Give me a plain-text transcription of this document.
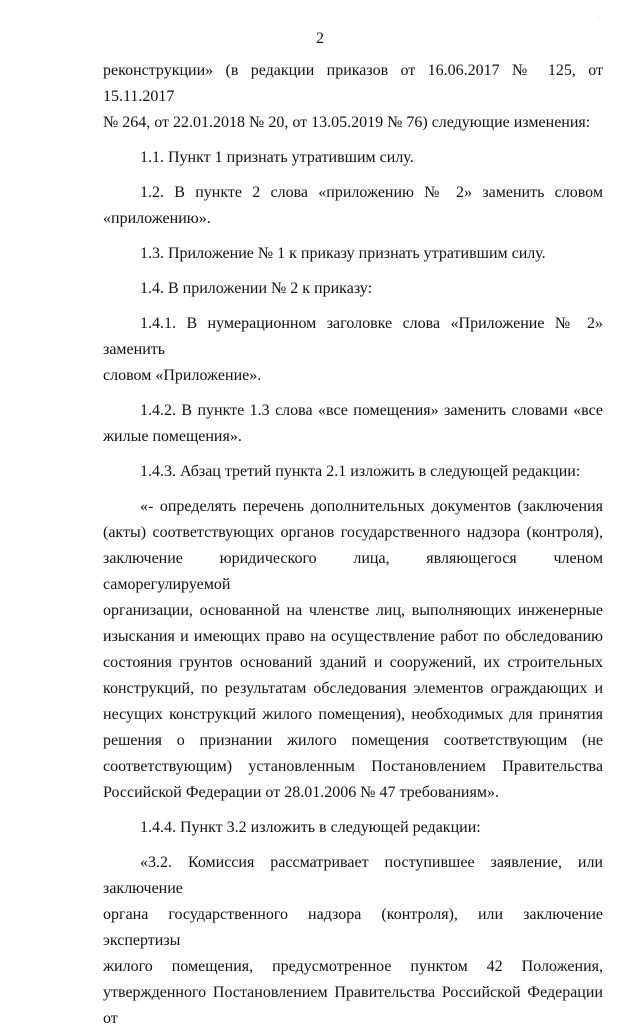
2
·

реконструкции» (в редакции приказов от 16.06.2017 № 125, от 15.11.2017

№ 264, от 22.01.2018 № 20, от 13.05.2019 № 76) следующие изменения:

1.1. Пункт 1 признать утратившим силу.

1.2. В пункте 2 слова «приложению № 2» заменить словом

«приложению».

1.3. Приложение № 1 к приказу признать утратившим силу.

1.4. В приложении № 2 к приказу:

1.4.1. В нумерационном заголовке слова «Приложение № 2» заменить

словом «Приложение».

1.4.2. В пункте 1.3 слова «все помещения» заменить словами «все

жилые помещения».

1.4.3. Абзац третий пункта 2.1 изложить в следующей редакции:

«- определять перечень дополнительных документов (заключения

(акты) соответствующих органов государственного надзора (контроля),

заключение юридического лица, являющегося членом саморегулируемой

организации, основанной на членстве лиц, выполняющих инженерные

изыскания и имеющих право на осуществление работ по обследованию

состояния грунтов оснований зданий и сооружений, их строительных

конструкций, по результатам обследования элементов ограждающих и

несущих конструкций жилого помещения), необходимых для принятия

решения о признании жилого помещения соответствующим (не

соответствующим) установленным Постановлением Правительства

Российской Федерации от 28.01.2006 № 47 требованиям».

1.4.4. Пункт 3.2 изложить в следующей редакции:

«3.2. Комиссия рассматривает поступившее заявление, или заключение

органа государственного надзора (контроля), или заключение экспертизы

жилого помещения, предусмотренное пунктом 42 Положения,

утвержденного Постановлением Правительства Российской Федерации от
